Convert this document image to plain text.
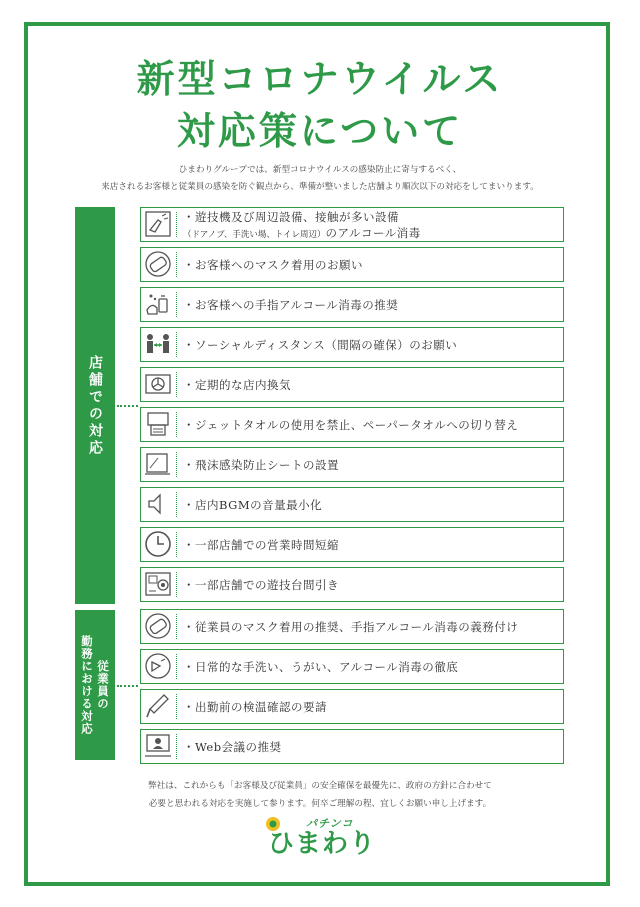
新型コロナウイルス
対応策について
ひまわりグループでは、新型コロナウイルスの感染防止に寄与するべく、
来店されるお客様と従業員の感染を防ぐ観点から、準備が整いました店舗より順次以下の対応をしてまいります。
店舗での対応
勤務における対応 従業員の
・遊技機及び周辺設備、接触が多い設備
（ドアノブ、手洗い場、トイレ周辺）のアルコール消毒
・お客様へのマスク着用のお願い
・お客様への手指アルコール消毒の推奨
・ソーシャルディスタンス（間隔の確保）のお願い
・定期的な店内換気
・ジェットタオルの使用を禁止、ペーパータオルへの切り替え
・飛沫感染防止シートの設置
・店内BGMの音量最小化
・一部店舗での営業時間短縮
・一部店舗での遊技台間引き
・従業員のマスク着用の推奨、手指アルコール消毒の義務付け
・日常的な手洗い、うがい、アルコール消毒の徹底
・出勤前の検温確認の要請
・Web会議の推奨
弊社は、これからも「お客様及び従業員」の安全確保を最優先に、政府の方針に合わせて
必要と思われる対応を実施して参ります。何卒ご理解の程、宜しくお願い申し上げます。
パチンコ
ひまわり
